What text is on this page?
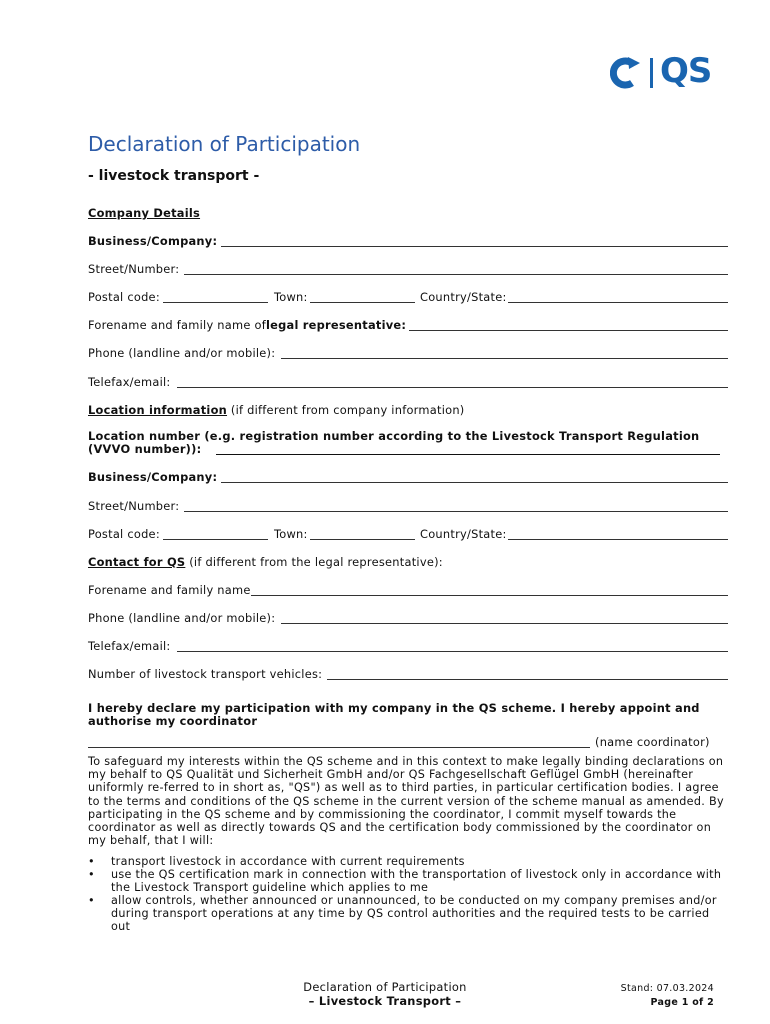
QS
Declaration of Participation
- livestock transport -
Company Details
Business/Company:
Street/Number:
Postal code:	Town:	Country/State:
Forename and family name oflegal representative:
Phone (landline and/or mobile):
Telefax/email:
Location information (if different from company information)
Location number (e.g. registration number according to the Livestock Transport Regulation
(VVVO number)):
Business/Company:
Street/Number:
Postal code:	Town:	Country/State:
Contact for QS (if different from the legal representative):
Forename and family name
Phone (landline and/or mobile):
Telefax/email:
Number of livestock transport vehicles:
I hereby declare my participation with my company in the QS scheme. I hereby appoint and authorise my coordinator
(name coordinator)
To safeguard my interests within the QS scheme and in this context to make legally binding declarations on my behalf to QS Qualität und Sicherheit GmbH and/or QS Fachgesellschaft Geflügel GmbH (hereinafter uniformly re-ferred to in short as, "QS") as well as to third parties, in particular certification bodies. I agree to the terms and conditions of the QS scheme in the current version of the scheme manual as amended. By participating in the QS scheme and by commissioning the coordinator, I commit myself towards the coordinator as well as directly towards QS and the certification body commissioned by the coordinator on my behalf, that I will:
• transport livestock in accordance with current requirements
• use the QS certification mark in connection with the transportation of livestock only in accordance with the Livestock Transport guideline which applies to me
• allow controls, whether announced or unannounced, to be conducted on my company premises and/or during transport operations at any time by QS control authorities and the required tests to be carried out
Declaration of Participation
– Livestock Transport –
Stand: 07.03.2024
Page 1 of 2
